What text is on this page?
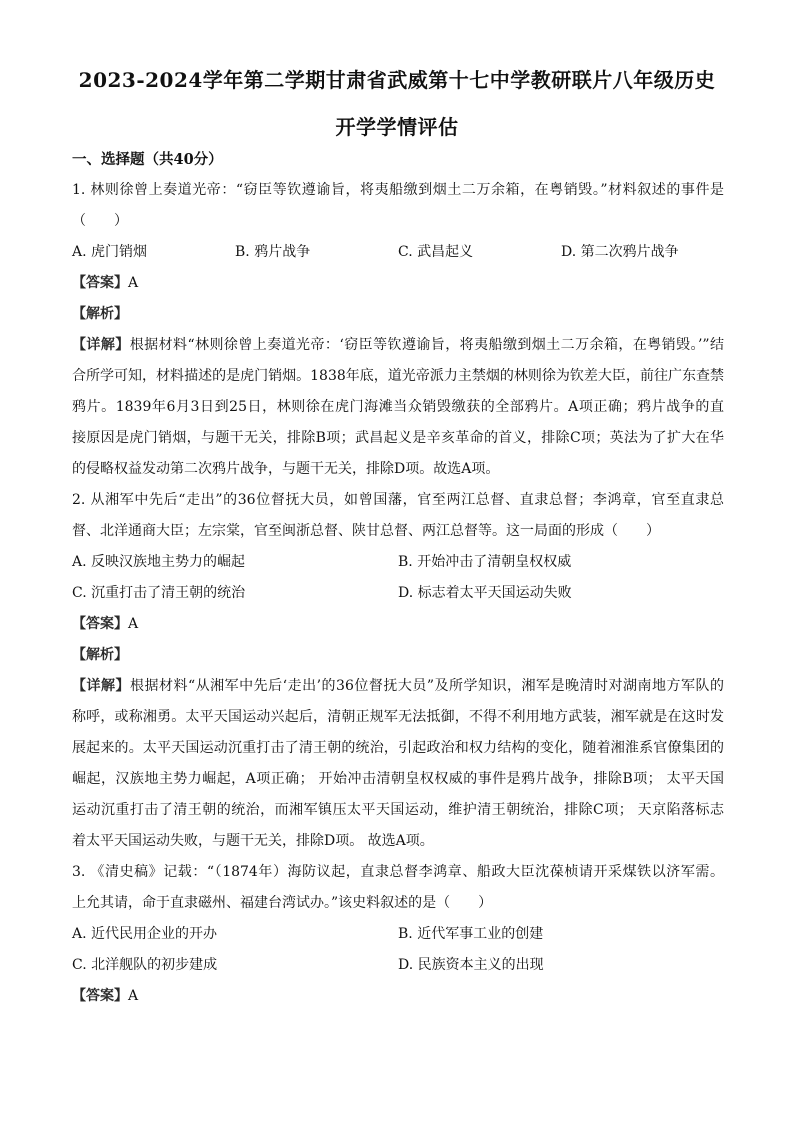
2023-2024学年第二学期甘肃省武威第十七中学教研联片八年级历史
开学学情评估
一、选择题（共40分）
1. 林则徐曾上奏道光帝：“窃臣等钦遵谕旨，将夷船缴到烟土二万余箱，在粤销毁。”材料叙述的事件是
（　　）
A. 虎门销烟	B. 鸦片战争	C. 武昌起义	D. 第二次鸦片战争
【答案】A
【解析】
【详解】根据材料“林则徐曾上奏道光帝：‘窃臣等钦遵谕旨，将夷船缴到烟土二万余箱，在粤销毁。’”结
合所学可知，材料描述的是虎门销烟。1838年底，道光帝派力主禁烟的林则徐为钦差大臣，前往广东查禁
鸦片。1839年6月3日到25日，林则徐在虎门海滩当众销毁缴获的全部鸦片。A项正确；鸦片战争的直
接原因是虎门销烟，与题干无关，排除B项；武昌起义是辛亥革命的首义，排除C项；英法为了扩大在华
的侵略权益发动第二次鸦片战争，与题干无关，排除D项。故选A项。
2. 从湘军中先后“走出”的36位督抚大员，如曾国藩，官至两江总督、直隶总督；李鸿章，官至直隶总
督、北洋通商大臣；左宗棠，官至闽浙总督、陕甘总督、两江总督等。这一局面的形成（　　）
A. 反映汉族地主势力的崛起	B. 开始冲击了清朝皇权权威
C. 沉重打击了清王朝的统治	D. 标志着太平天国运动失败
【答案】A
【解析】
【详解】根据材料“从湘军中先后‘走出’的36位督抚大员”及所学知识，湘军是晚清时对湖南地方军队的
称呼，或称湘勇。太平天国运动兴起后，清朝正规军无法抵御，不得不利用地方武装，湘军就是在这时发
展起来的。太平天国运动沉重打击了清王朝的统治，引起政治和权力结构的变化，随着湘淮系官僚集团的
崛起，汉族地主势力崛起，A项正确； 开始冲击清朝皇权权威的事件是鸦片战争，排除B项； 太平天国
运动沉重打击了清王朝的统治，而湘军镇压太平天国运动，维护清王朝统治，排除C项； 天京陷落标志
着太平天国运动失败，与题干无关，排除D项。 故选A项。
3. 《清史稿》记载：“（1874年）海防议起，直隶总督李鸿章、船政大臣沈葆桢请开采煤铁以济军需。
上允其请，命于直隶磁州、福建台湾试办。”该史料叙述的是（　　）
A. 近代民用企业的开办	B. 近代军事工业的创建
C. 北洋舰队的初步建成	D. 民族资本主义的出现
【答案】A
